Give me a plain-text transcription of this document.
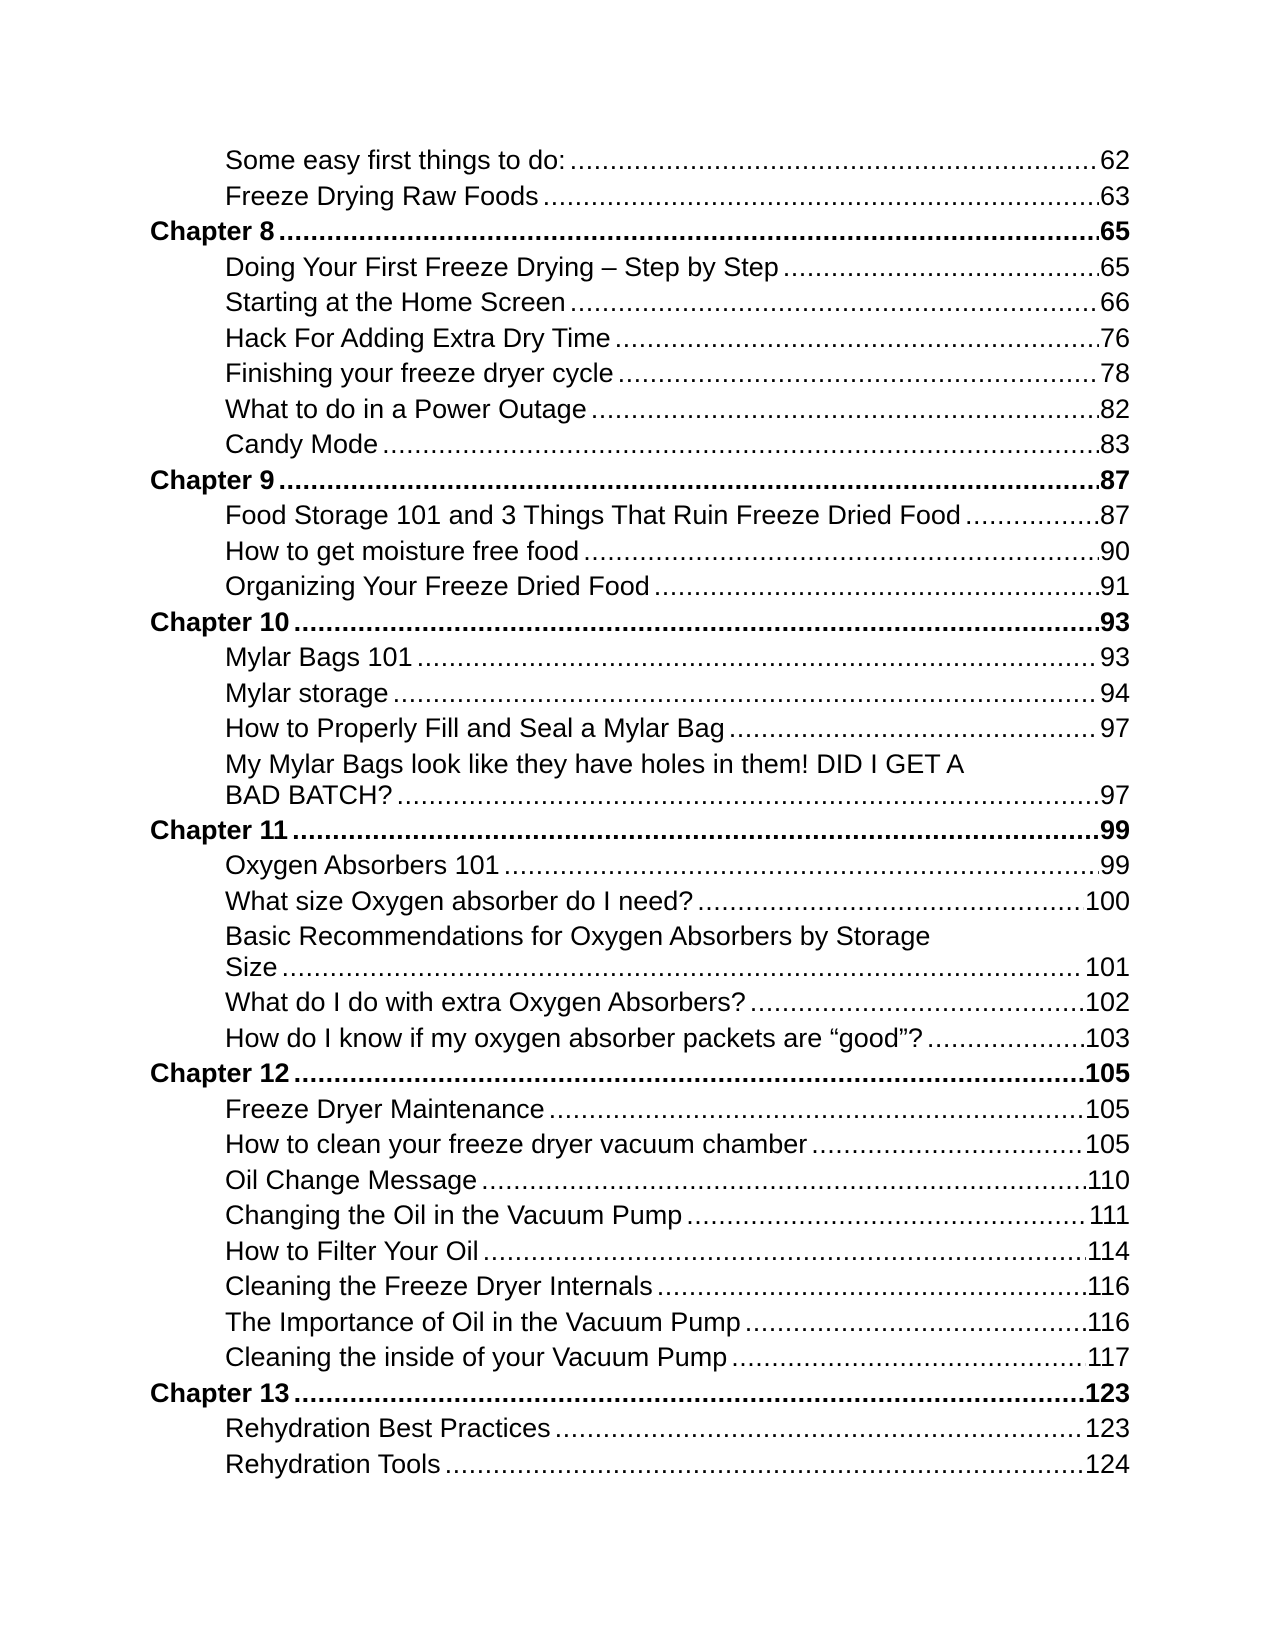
Some easy first things to do: .....	62
Freeze Drying Raw Foods .....	63
Chapter 8 .....	65
Doing Your First Freeze Drying – Step by Step .....	65
Starting at the Home Screen .....	66
Hack For Adding Extra Dry Time .....	76
Finishing your freeze dryer cycle .....	78
What to do in a Power Outage .....	82
Candy Mode .....	83
Chapter 9 .....	87
Food Storage 101 and 3 Things That Ruin Freeze Dried Food .....	87
How to get moisture free food .....	90
Organizing Your Freeze Dried Food .....	91
Chapter 10 .....	93
Mylar Bags 101 .....	93
Mylar storage .....	94
How to Properly Fill and Seal a Mylar Bag .....	97
My Mylar Bags look like they have holes in them! DID I GET A
BAD BATCH? .....	97
Chapter 11 .....	99
Oxygen Absorbers 101 .....	99
What size Oxygen absorber do I need? .....	100
Basic Recommendations for Oxygen Absorbers by Storage
Size .....	101
What do I do with extra Oxygen Absorbers? .....	102
How do I know if my oxygen absorber packets are “good”? .....	103
Chapter 12 .....	105
Freeze Dryer Maintenance .....	105
How to clean your freeze dryer vacuum chamber .....	105
Oil Change Message .....	110
Changing the Oil in the Vacuum Pump .....	111
How to Filter Your Oil .....	114
Cleaning the Freeze Dryer Internals .....	116
The Importance of Oil in the Vacuum Pump .....	116
Cleaning the inside of your Vacuum Pump .....	117
Chapter 13 .....	123
Rehydration Best Practices .....	123
Rehydration Tools .....	124
